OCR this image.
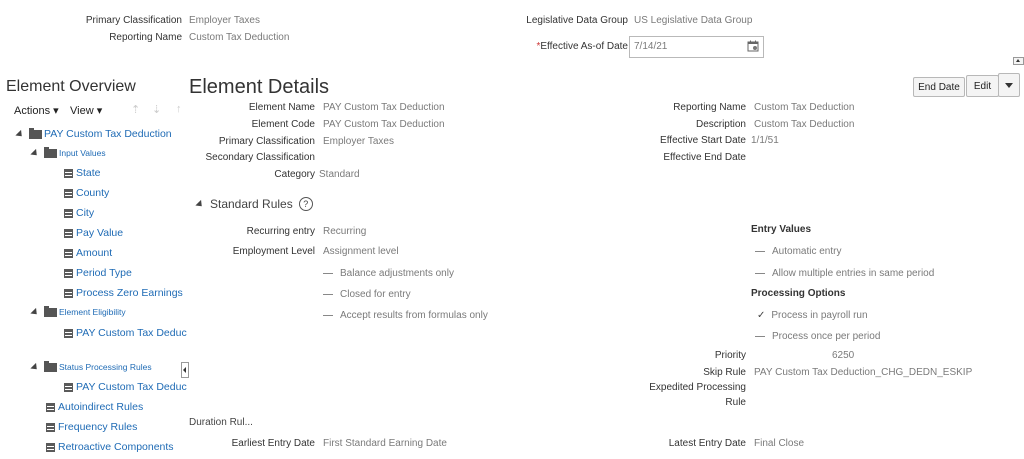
Primary Classification Employer Taxes
Reporting Name Custom Tax Deduction
Legislative Data Group US Legislative Data Group
*Effective As-of Date 7/14/21
Element Overview
Actions ▾ View ▾	⇡ ⇣ ↑
PAY Custom Tax Deduction
Input Values
State
County
City
Pay Value
Amount
Period Type
Process Zero Earnings
Element Eligibility
PAY Custom Tax Deduc
Status Processing Rules
PAY Custom Tax Deduc
Autoindirect Rules
Frequency Rules
Retroactive Components
Element Details	End Date	Edit
Element Name PAY Custom Tax Deduction
Element Code PAY Custom Tax Deduction
Primary Classification Employer Taxes
Secondary Classification
Category Standard
Reporting Name Custom Tax Deduction
Description Custom Tax Deduction
Effective Start Date 1/1/51
Effective End Date
Standard Rules	?
Recurring entry Recurring
Employment Level Assignment level
Balance adjustments only
Closed for entry
Accept results from formulas only
Entry Values
Automatic entry
Allow multiple entries in same period
Processing Options
✓ Process in payroll run
Process once per period
Priority	6250
Skip Rule PAY Custom Tax Deduction_CHG_DEDN_ESKIP
Expedited Processing
Rule
Duration Rul...
Earliest Entry Date First Standard Earning Date	Latest Entry Date Final Close
